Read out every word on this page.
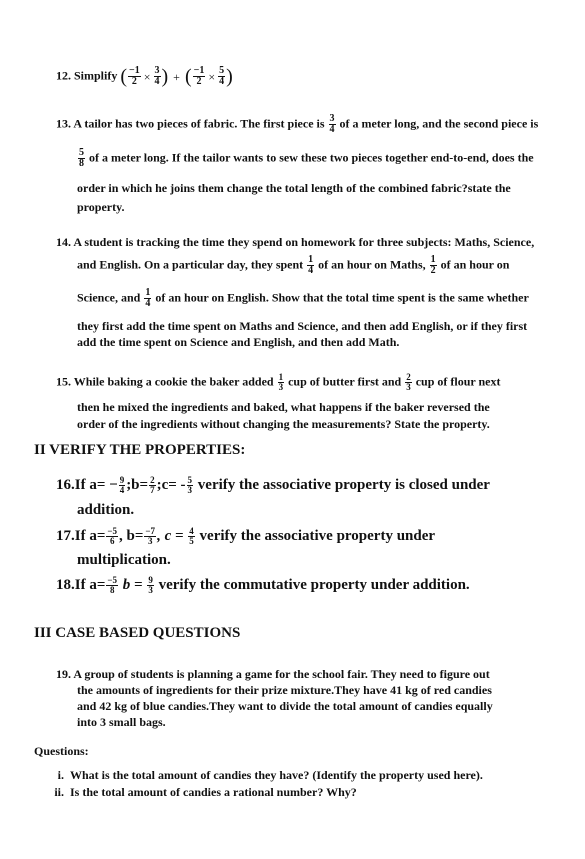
12. Simplify ( $\frac{-1}{2} \times \frac{3}{4}$ ) + ( $\frac{-1}{2} \times \frac{5}{4}$ )
13. A tailor has two pieces of fabric. The first piece is $\frac{3}{4}$ of a meter long, and the second piece is
$\frac{5}{8}$ of a meter long. If the tailor wants to sew these two pieces together end-to-end, does the
order in which he joins them change the total length of the combined fabric?state the
property.
14. A student is tracking the time they spend on homework for three subjects: Maths, Science,
and English. On a particular day, they spent $\frac{1}{4}$ of an hour on Maths, $\frac{1}{2}$ of an hour on
Science, and $\frac{1}{4}$ of an hour on English. Show that the total time spent is the same whether
they first add the time spent on Maths and Science, and then add English, or if they first
add the time spent on Science and English, and then add Math.
15. While baking a cookie the baker added $\frac{1}{3}$ cup of butter first and $\frac{2}{3}$ cup of flour next
then he mixed the ingredients and baked, what happens if the baker reversed the
order of the ingredients without changing the measurements? State the property.
II VERIFY THE PROPERTIES:
16.If $a= - \frac{9}{4}$ ;b= $\frac{2}{7}$ ;c= - $\frac{5}{3}$ verify the associative property is closed under
addition.
17.If $a= \frac{-5}{6}$ , $b= \frac{-7}{3}$ , $c = \frac{4}{5}$ verify the associative property under
multiplication.
18.If $a= \frac{-5}{8}$ $b = \frac{9}{3}$ verify the commutative property under addition.
III CASE BASED QUESTIONS
19. A group of students is planning a game for the school fair. They need to figure out
the amounts of ingredients for their prize mixture.They have 41 kg of red candies
and 42 kg of blue candies.They want to divide the total amount of candies equally
into 3 small bags.
Questions:
i. What is the total amount of candies they have? (Identify the property used here).
ii. Is the total amount of candies a rational number? Why?
